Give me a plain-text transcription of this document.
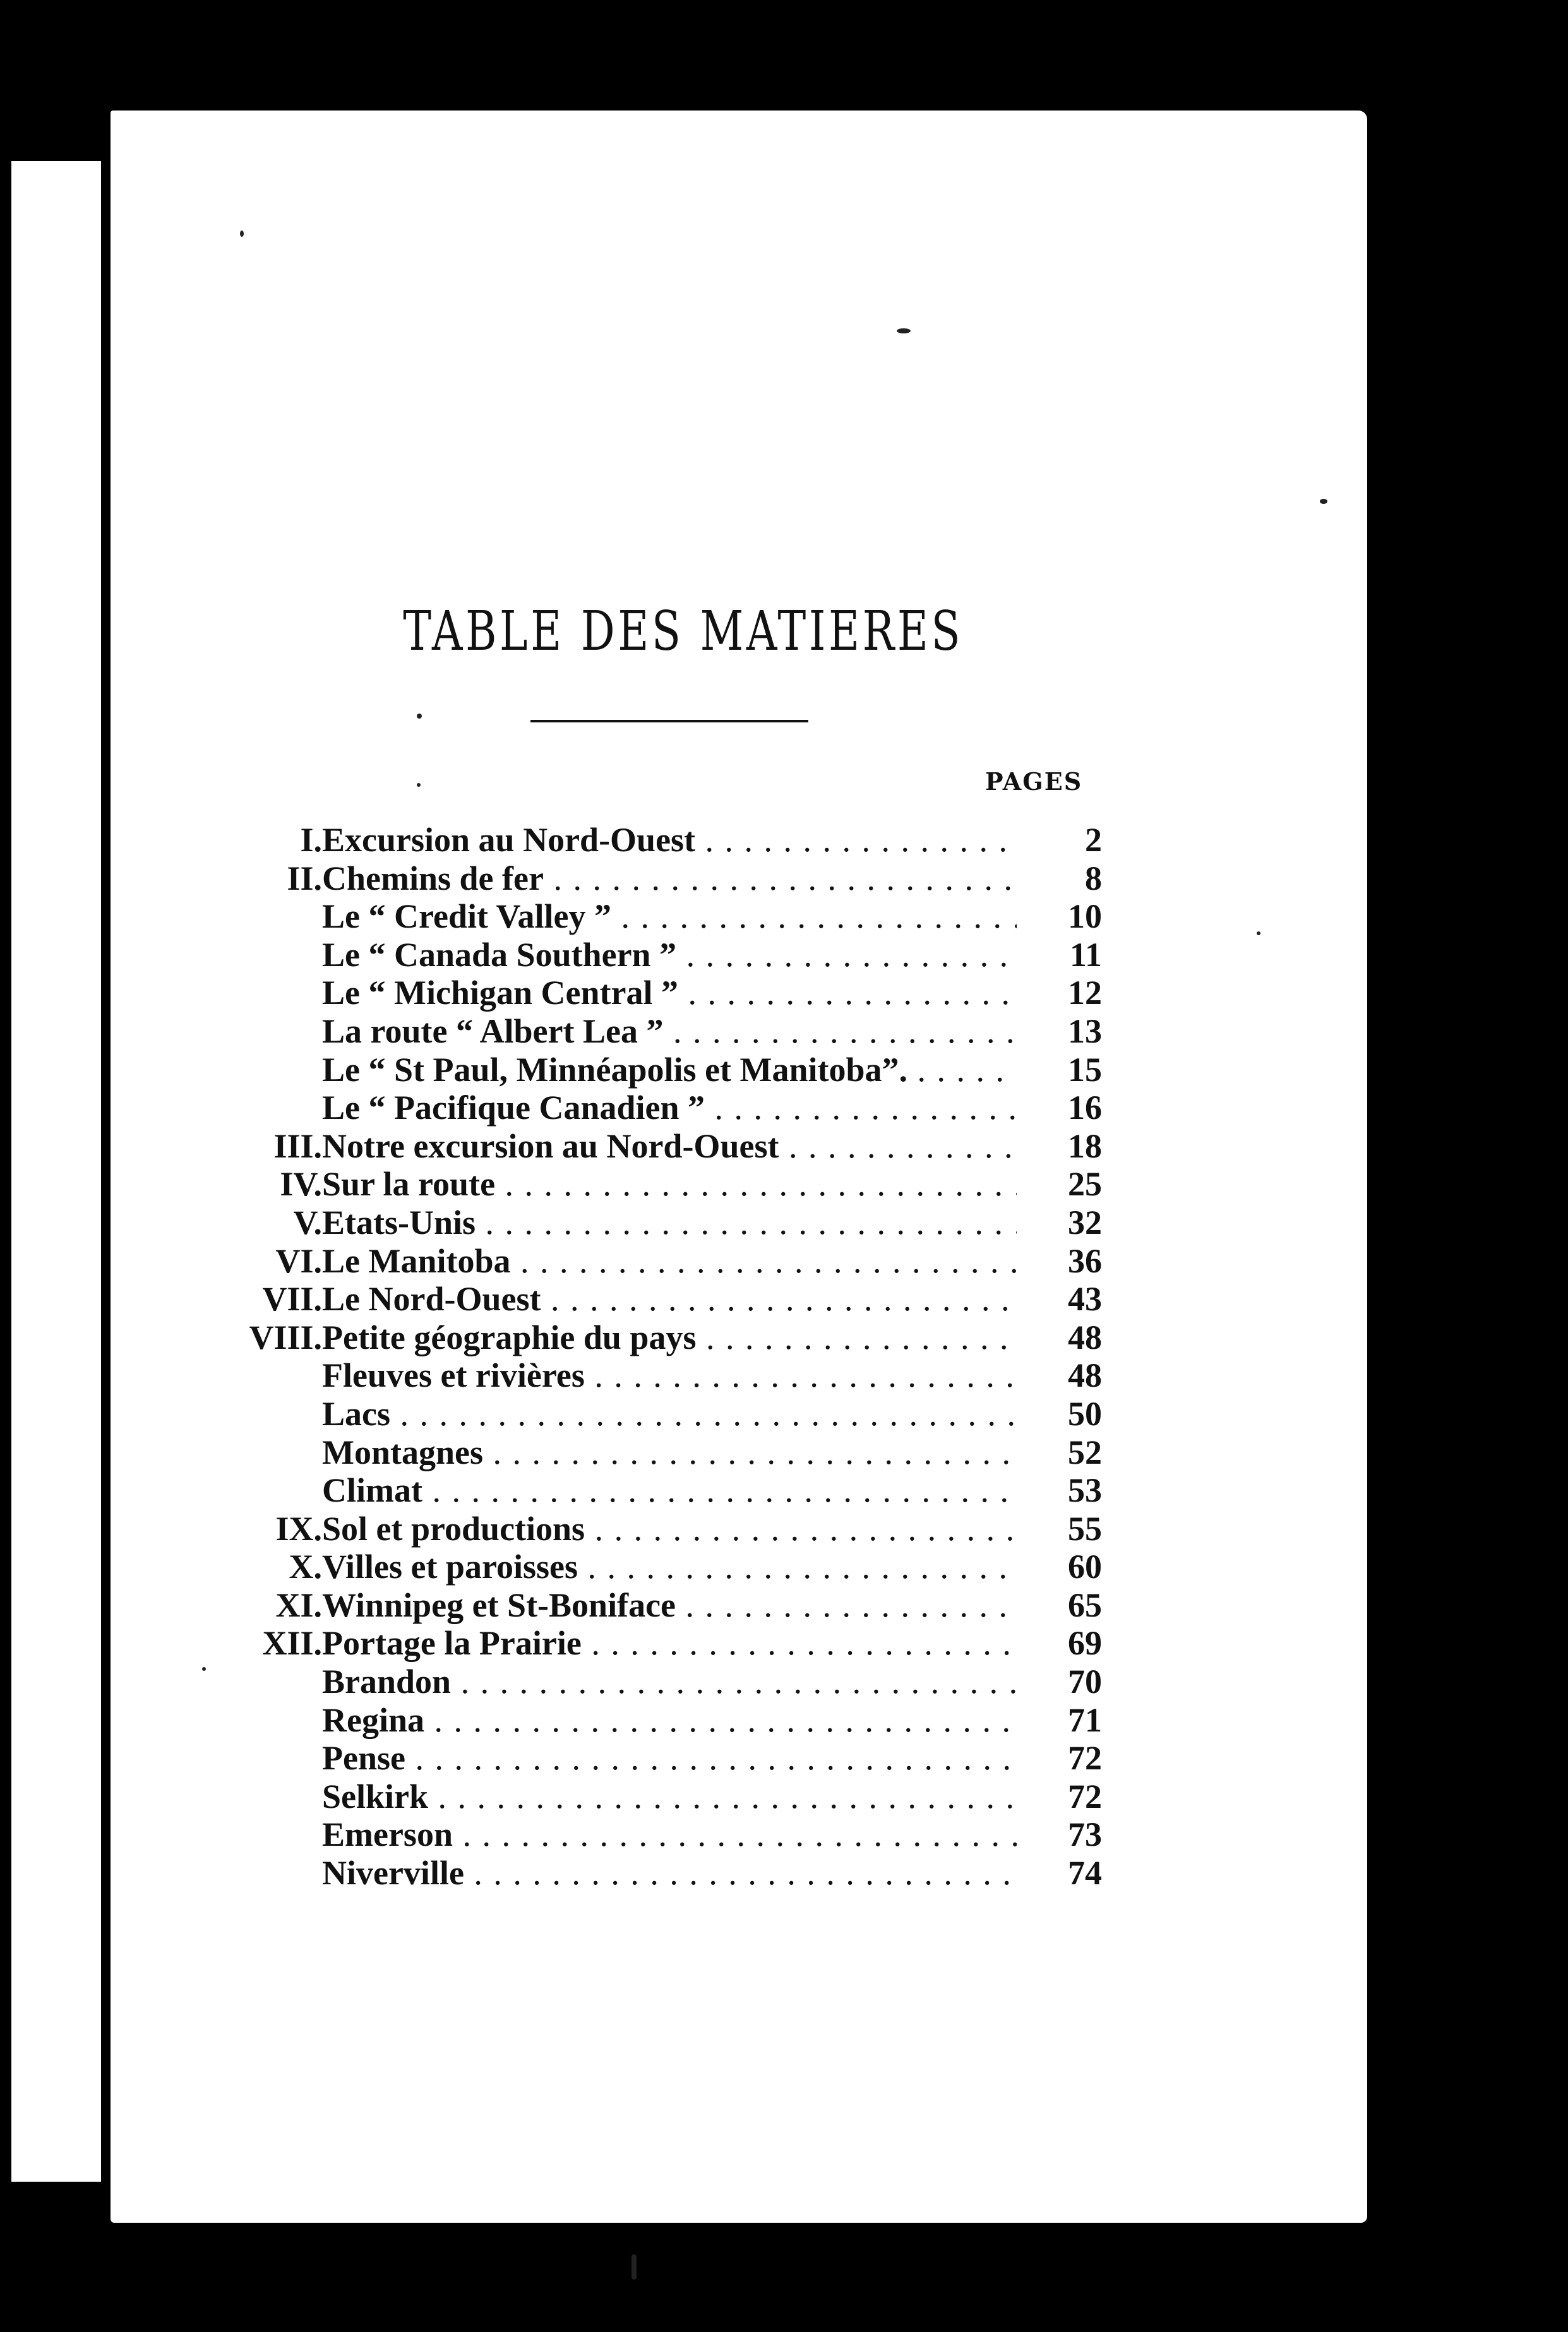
TABLE DES MATIERES
PAGES
I. Excursion au Nord-Ouest . . .	2
II. Chemins de fer . . .	8
Le “ Credit Valley ” . . .	10
Le “ Canada Southern ” . . .	11
Le “ Michigan Central ” . . .	12
La route “ Albert Lea ” . . .	13
Le “ St Paul, Minnéapolis et Manitoba”. . . .	15
Le “ Pacifique Canadien ” . . .	16
III. Notre excursion au Nord-Ouest . . .	18
IV. Sur la route . . .	25
V. Etats-Unis . . .	32
VI. Le Manitoba . . .	36
VII. Le Nord-Ouest . . .	43
VIII. Petite géographie du pays . . .	48
Fleuves et rivières . . .	48
Lacs . . .	50
Montagnes . . .	52
Climat . . .	53
IX. Sol et productions . . .	55
X. Villes et paroisses . . .	60
XI. Winnipeg et St-Boniface . . .	65
XII. Portage la Prairie . . .	69
Brandon . . .	70
Regina . . .	71
Pense . . .	72
Selkirk . . .	72
Emerson . . .	73
Niverville . . .	74
